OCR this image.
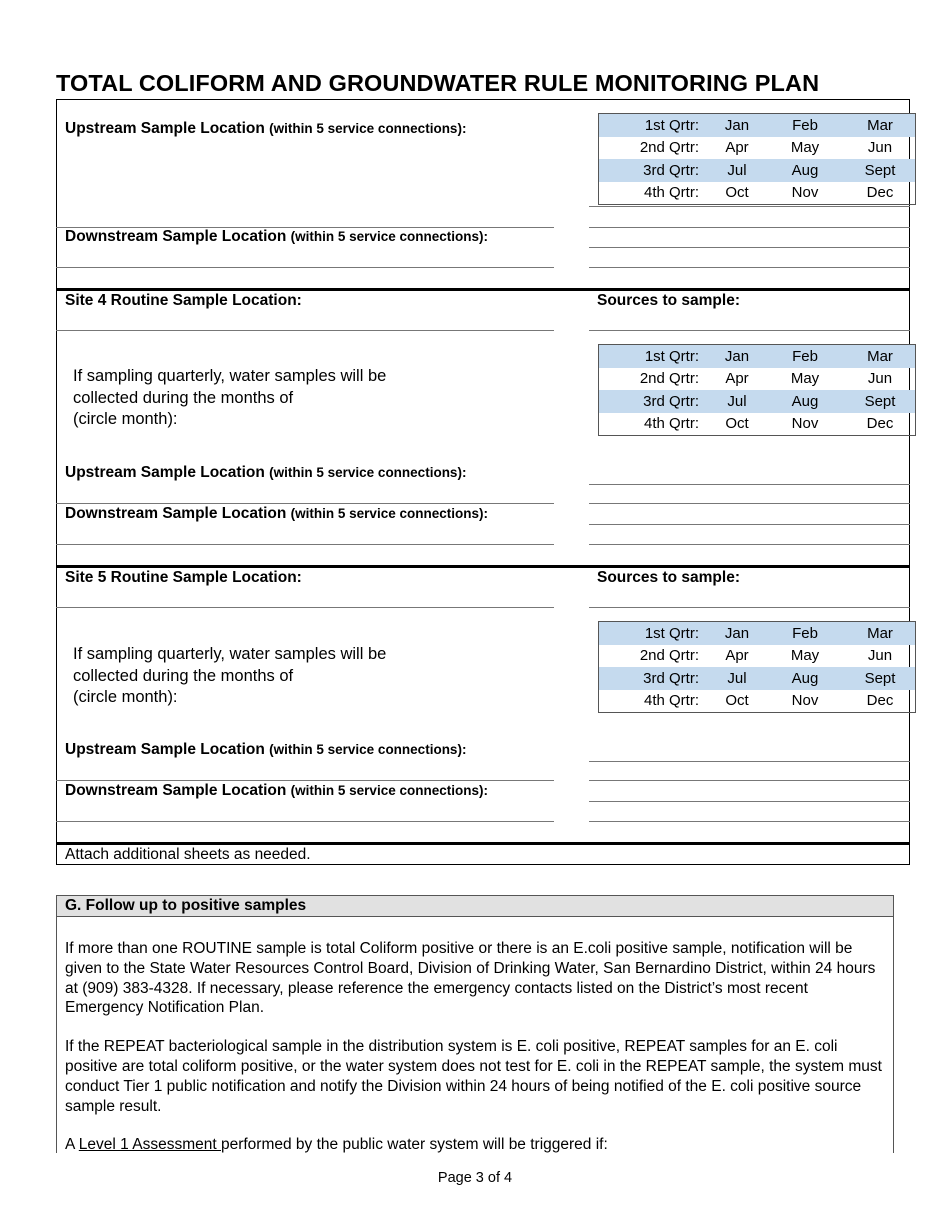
TOTAL COLIFORM AND GROUNDWATER RULE MONITORING PLAN
Upstream Sample Location (within 5 service connections):	1st Qrtr:	Jan	Feb	Mar
2nd Qrtr:	Apr	May	Jun
3rd Qrtr:	Jul	Aug	Sept
4th Qrtr:	Oct	Nov	Dec
Downstream Sample Location (within 5 service connections):
Site 4 Routine Sample Location:	Sources to sample:
If sampling quarterly, water samples will be
collected during the months of
(circle month):
1st Qrtr:	Jan	Feb	Mar
2nd Qrtr:	Apr	May	Jun
3rd Qrtr:	Jul	Aug	Sept
4th Qrtr:	Oct	Nov	Dec
Upstream Sample Location (within 5 service connections):
Downstream Sample Location (within 5 service connections):
Site 5 Routine Sample Location:	Sources to sample:
If sampling quarterly, water samples will be
collected during the months of
(circle month):
1st Qrtr:	Jan	Feb	Mar
2nd Qrtr:	Apr	May	Jun
3rd Qrtr:	Jul	Aug	Sept
4th Qrtr:	Oct	Nov	Dec
Upstream Sample Location (within 5 service connections):
Downstream Sample Location (within 5 service connections):
Attach additional sheets as needed.
G. Follow up to positive samples

If more than one ROUTINE sample is total Coliform positive or there is an E.coli positive sample, notification will be given to the State Water Resources Control Board, Division of Drinking Water, San Bernardino District, within 24 hours at (909) 383-4328. If necessary, please reference the emergency contacts listed on the District’s most recent Emergency Notification Plan.

If the REPEAT bacteriological sample in the distribution system is E. coli positive, REPEAT samples for an E. coli positive are total coliform positive, or the water system does not test for E. coli in the REPEAT sample, the system must conduct Tier 1 public notification and notify the Division within 24 hours of being notified of the E. coli positive source sample result.

A Level 1 Assessment performed by the public water system will be triggered if:

Page 3 of 4
